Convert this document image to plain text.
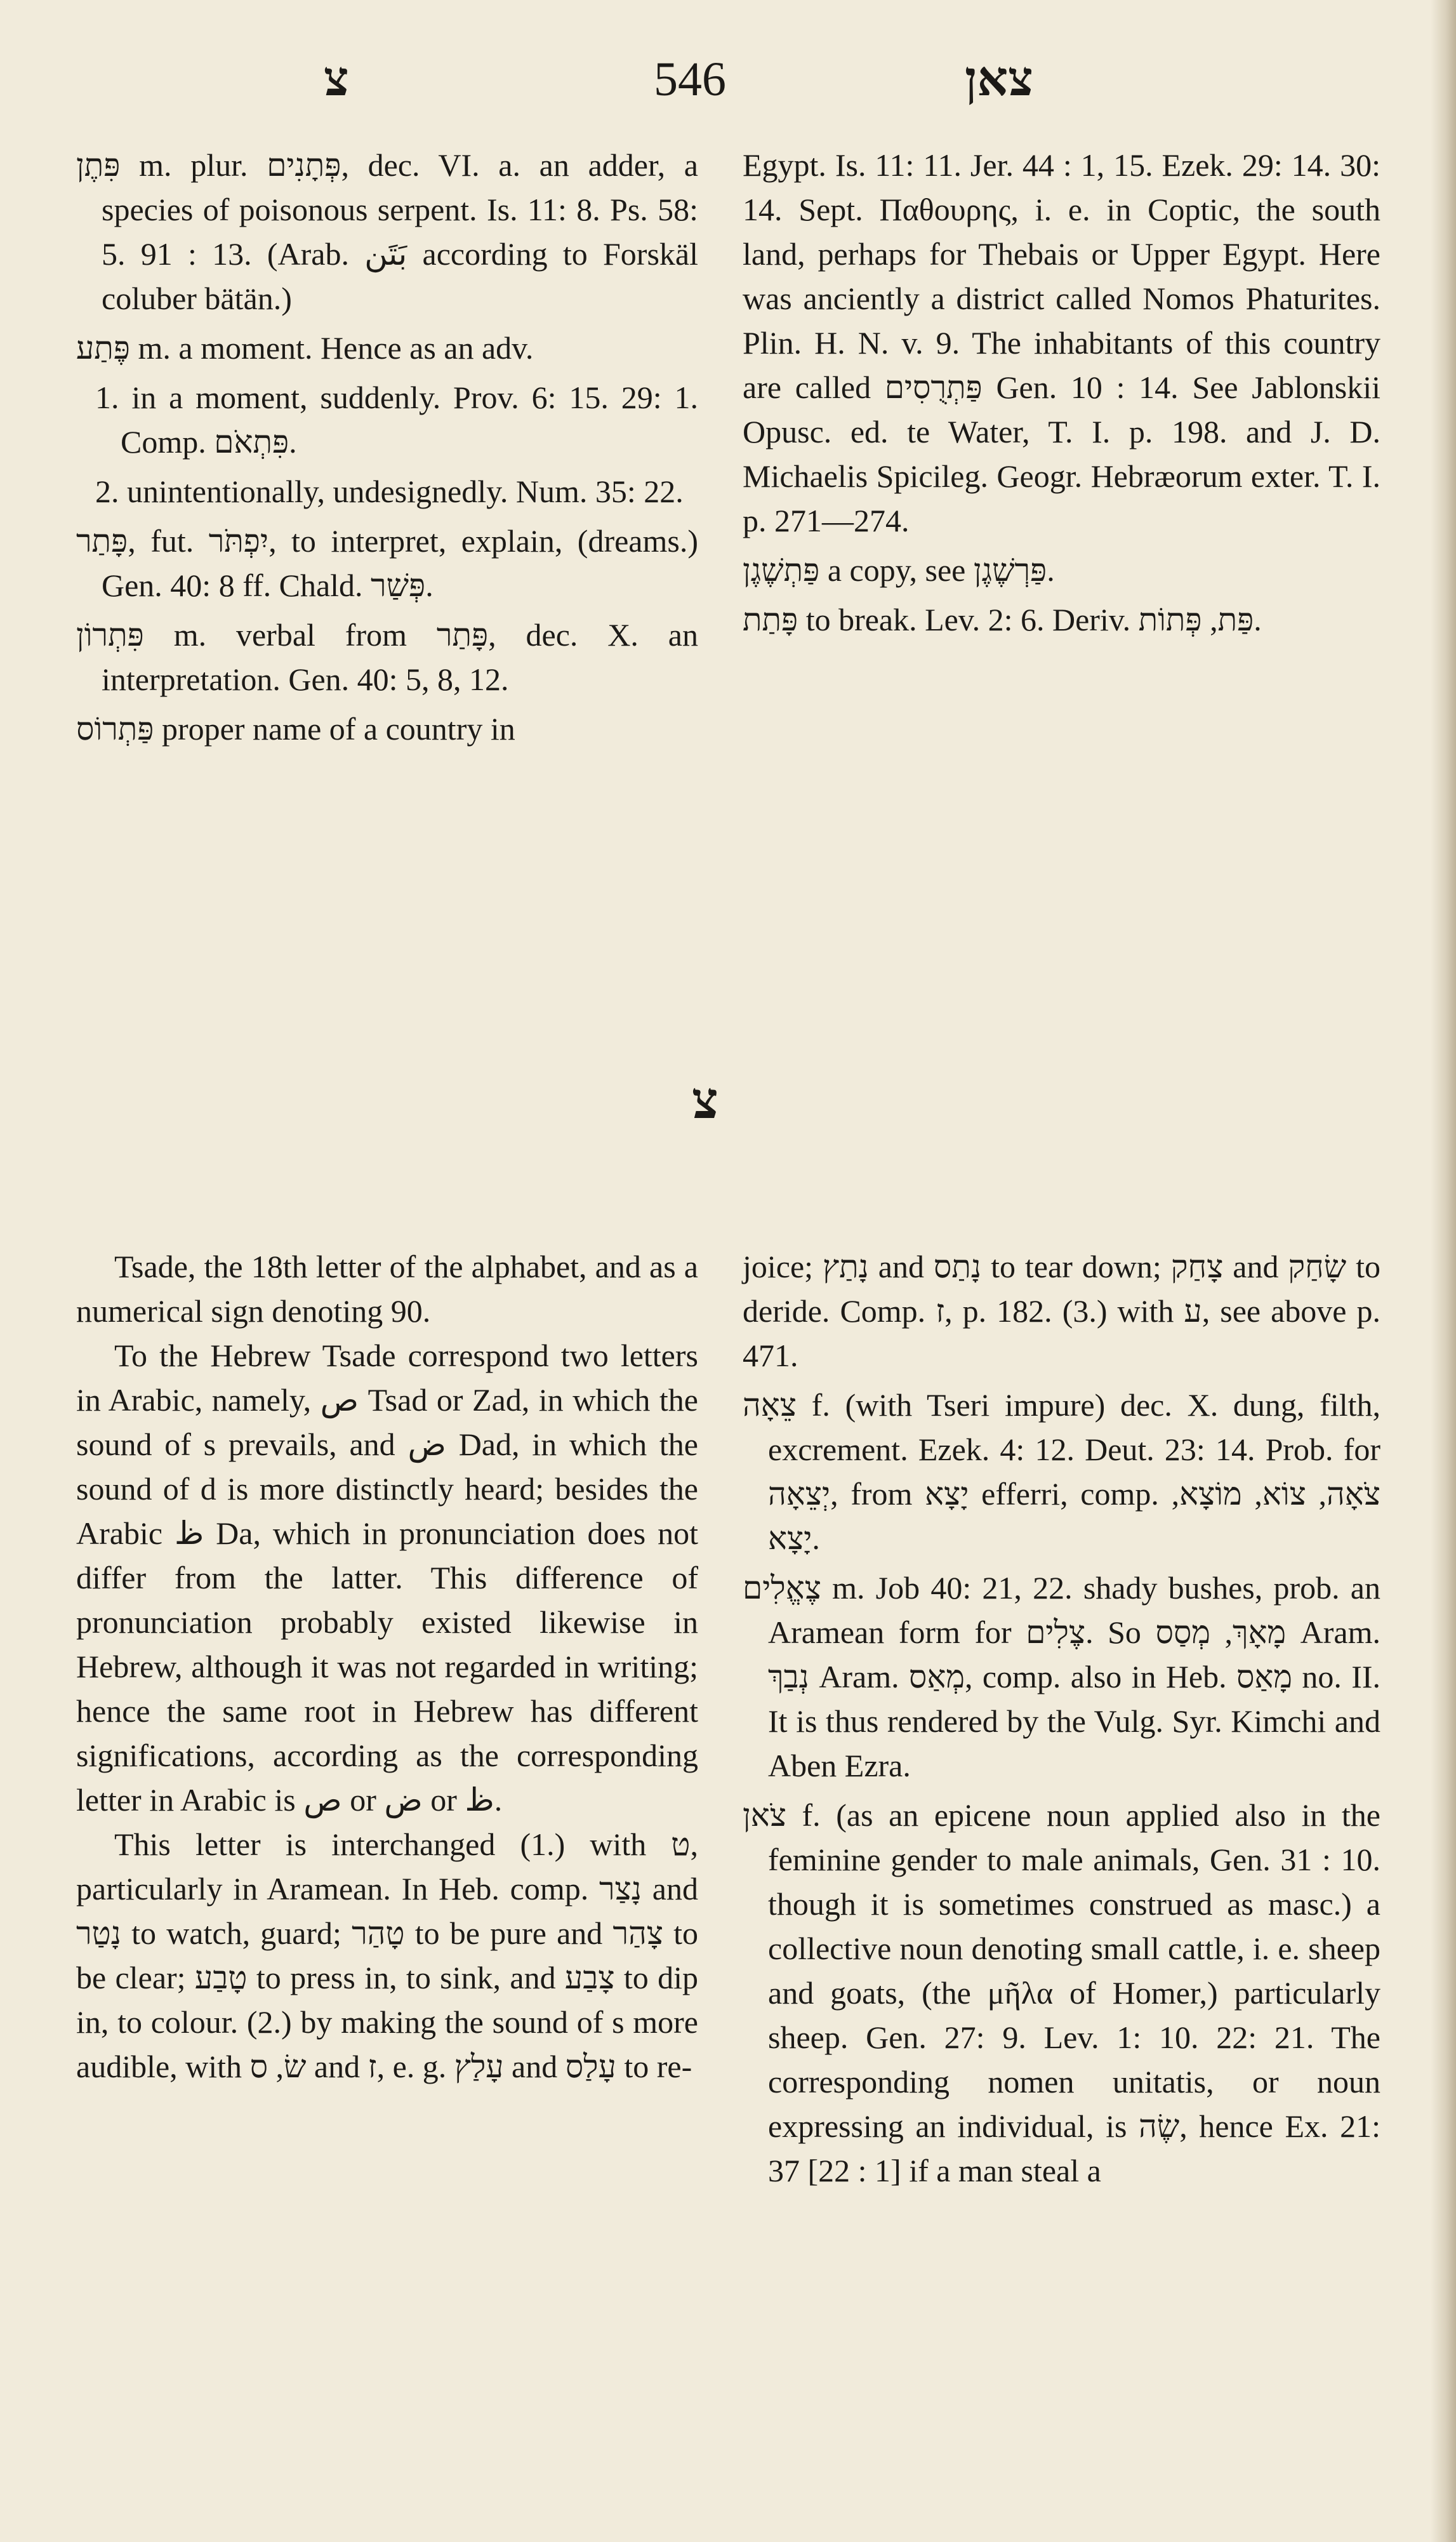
צ	546	צאן

פִּתֶן m. plur. פְּתָנִים, dec. VI. a. an adder, a species of poisonous serpent. Is. 11: 8. Ps. 58: 5. 91 : 13. (Arab. بَتَن according to Forskäl coluber bätän.)

פֶּתַע m. a moment. Hence as an adv.

1. in a moment, suddenly. Prov. 6: 15. 29: 1. Comp. פִּתְאֹם.

2. unintentionally, undesignedly. Num. 35: 22.

פָּתַר, fut. יִפְתֹּר, to interpret, explain, (dreams.) Gen. 40: 8 ff. Chald. פְּשַׁר.

פִּתְרוֹן m. verbal from פָּתַר, dec. X. an interpretation. Gen. 40: 5, 8, 12.

פַּתְרוֹס proper name of a country in

Egypt. Is. 11: 11. Jer. 44 : 1, 15. Ezek. 29: 14. 30: 14. Sept. Παθουρης, i. e. in Coptic, the south land, perhaps for Thebais or Upper Egypt. Here was anciently a district called Nomos Phaturites. Plin. H. N. v. 9. The inhabitants of this country are called פַּתְרֻסִים Gen. 10 : 14. See Jablonskii Opusc. ed. te Water, T. I. p. 198. and J. D. Michaelis Spicileg. Geogr. Hebræorum exter. T. I. p. 271—274.

פַּתְשֶׁגֶן a copy, see פַּרְשֶׁגֶן.

פָּתַת to break. Lev. 2: 6. Deriv. פַּת, פְּתוֹת.

צ

Tsade, the 18th letter of the alphabet, and as a numerical sign denoting 90.

To the Hebrew Tsade correspond two letters in Arabic, namely, ص Tsad or Zad, in which the sound of s prevails, and ض Dad, in which the sound of d is more distinctly heard; besides the Arabic ظ Da, which in pronunciation does not differ from the latter. This difference of pronunciation probably existed likewise in Hebrew, although it was not regarded in writing; hence the same root in Hebrew has different significations, according as the corresponding letter in Arabic is ص or ض or ظ.

This letter is interchanged (1.) with ט, particularly in Aramean. In Heb. comp. נָצַר and נָטַר to watch, guard; טָהַר to be pure and צָהַר to be clear; טָבַע to press in, to sink, and צָבַע to dip in, to colour. (2.) by making the sound of s more audible, with שׂ, ס and ז, e. g. עָלַץ and עָלַס to re-

joice; נָתַץ and נָתַס to tear down; צָחַק and שָׂחַק to deride. Comp. ז, p. 182. (3.) with ע, see above p. 471.

צֵאָה f. (with Tseri impure) dec. X. dung, filth, excrement. Ezek. 4: 12. Deut. 23: 14. Prob. for יְצֵאָה, from יָצָא efferri, comp. צֹאָה, צוֹא, מוֹצָא, יָצָא.

צֶאֱלִים m. Job 40: 21, 22. shady bushes, prob. an Aramean form for צֶלִים. So מָאָךְ, מְסַס Aram. נְבַךְ Aram. מְאַס, comp. also in Heb. מָאַס no. II. It is thus rendered by the Vulg. Syr. Kimchi and Aben Ezra.

צֹאן f. (as an epicene noun applied also in the feminine gender to male animals, Gen. 31 : 10. though it is sometimes construed as masc.) a collective noun denoting small cattle, i. e. sheep and goats, (the μῆλα of Homer,) particularly sheep. Gen. 27: 9. Lev. 1: 10. 22: 21. The corresponding nomen unitatis, or noun expressing an individual, is שֶׂה, hence Ex. 21: 37 [22 : 1] if a man steal a
